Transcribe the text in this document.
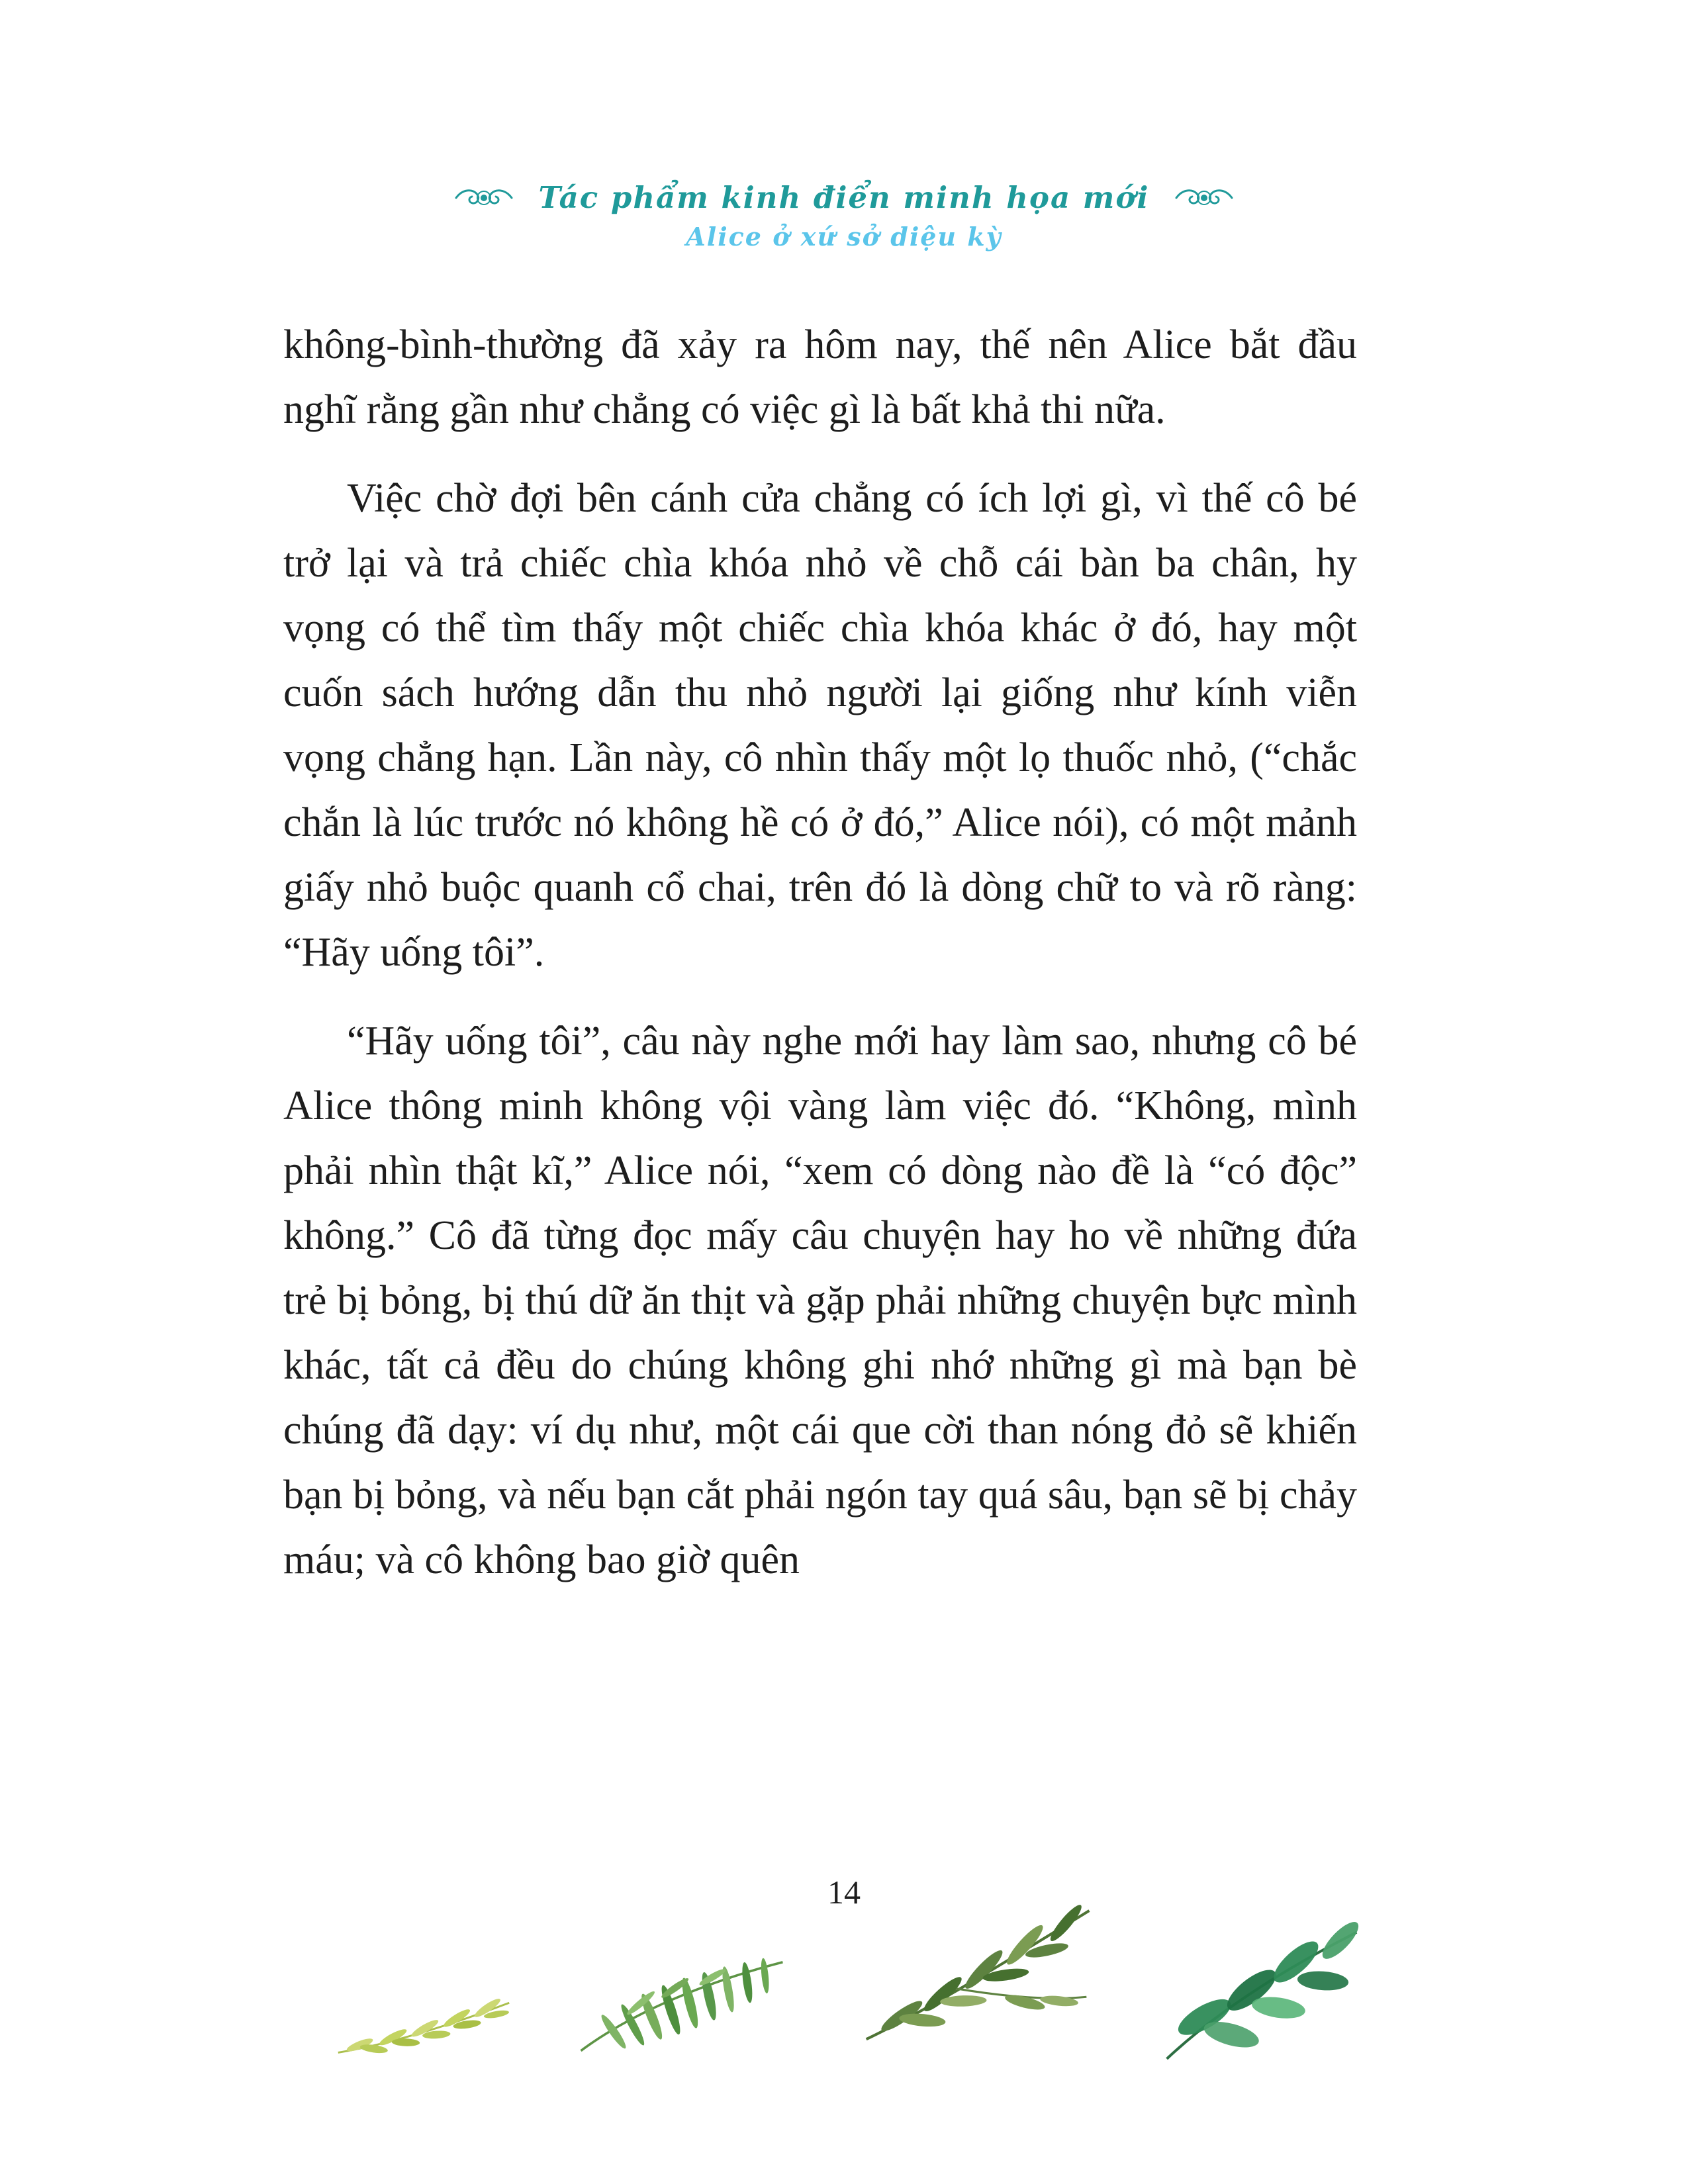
Tác phẩm kinh điển minh họa mới
Alice ở xứ sở diệu kỳ

không-bình-thường đã xảy ra hôm nay, thế nên Alice bắt đầu nghĩ rằng gần như chẳng có việc gì là bất khả thi nữa.

Việc chờ đợi bên cánh cửa chẳng có ích lợi gì, vì thế cô bé trở lại và trả chiếc chìa khóa nhỏ về chỗ cái bàn ba chân, hy vọng có thể tìm thấy một chiếc chìa khóa khác ở đó, hay một cuốn sách hướng dẫn thu nhỏ người lại giống như kính viễn vọng chẳng hạn. Lần này, cô nhìn thấy một lọ thuốc nhỏ, (“chắc chắn là lúc trước nó không hề có ở đó,” Alice nói), có một mảnh giấy nhỏ buộc quanh cổ chai, trên đó là dòng chữ to và rõ ràng: “Hãy uống tôi”.

“Hãy uống tôi”, câu này nghe mới hay làm sao, nhưng cô bé Alice thông minh không vội vàng làm việc đó. “Không, mình phải nhìn thật kĩ,” Alice nói, “xem có dòng nào đề là “có độc” không.” Cô đã từng đọc mấy câu chuyện hay ho về những đứa trẻ bị bỏng, bị thú dữ ăn thịt và gặp phải những chuyện bực mình khác, tất cả đều do chúng không ghi nhớ những gì mà bạn bè chúng đã dạy: ví dụ như, một cái que cời than nóng đỏ sẽ khiến bạn bị bỏng, và nếu bạn cắt phải ngón tay quá sâu, bạn sẽ bị chảy máu; và cô không bao giờ quên

14
